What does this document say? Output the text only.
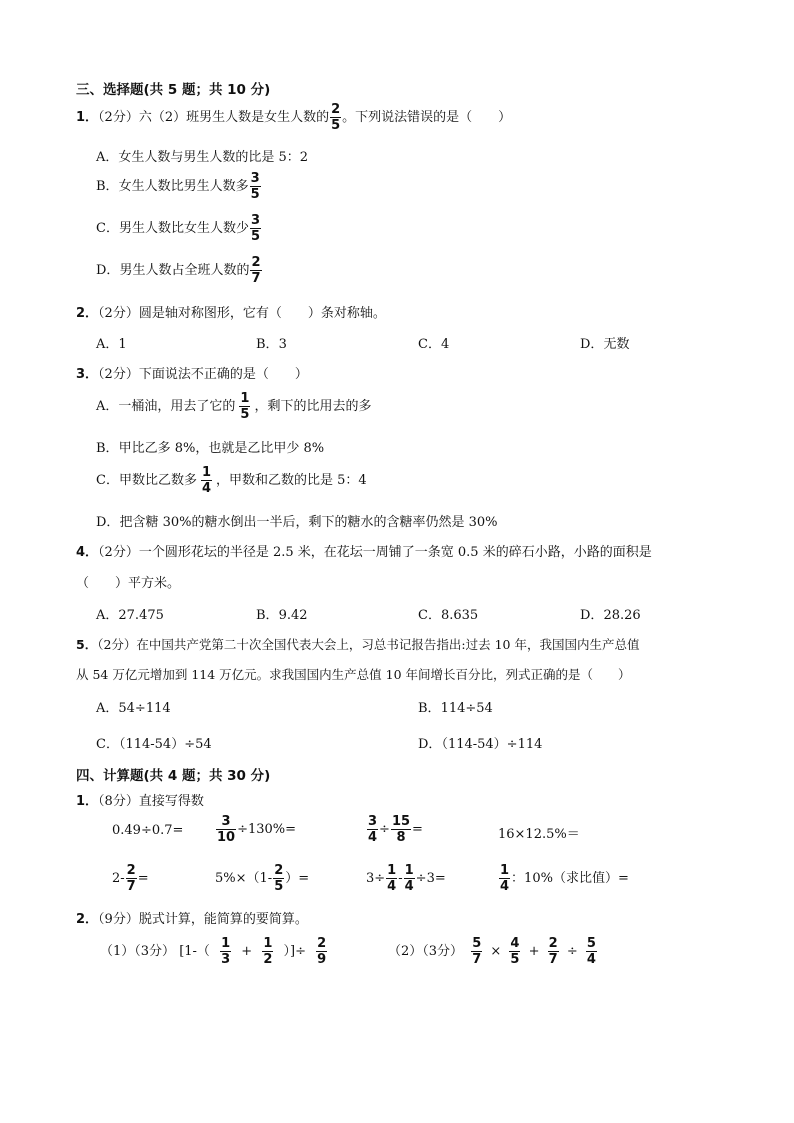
三、选择题(共 5 题；共 10 分)
1．（2分）六（2）班男生人数是女生人数的 $\frac{2}{5}$ 。下列说法错误的是（　　）
A．女生人数与男生人数的比是 5：2
B．女生人数比男生人数多 $\frac{3}{5}$
C．男生人数比女生人数少 $\frac{3}{5}$
D．男生人数占全班人数的 $\frac{2}{7}$
2．（2分）圆是轴对称图形，它有（　　）条对称轴。
A．1	B．3	C．4	D．无数
3．（2分）下面说法不正确的是（　　）
A．一桶油，用去了它的 $\frac{1}{5}$ ，剩下的比用去的多
B．甲比乙多 8%，也就是乙比甲少 8%
C．甲数比乙数多 $\frac{1}{4}$ ，甲数和乙数的比是 5：4
D．把含糖 30%的糖水倒出一半后，剩下的糖水的含糖率仍然是 30%
4．（2分）一个圆形花坛的半径是 2.5 米，在花坛一周铺了一条宽 0.5 米的碎石小路，小路的面积是
（　　）平方米。
A．27.475	B．9.42	C．8.635	D．28.26
5．（2分）在中国共产党第二十次全国代表大会上，习总书记报告指出:过去 10 年，我国国内生产总值
从 54 万亿元增加到 114 万亿元。求我国国内生产总值 10 年间增长百分比，列式正确的是（　　）
A．54÷114	B．114÷54
C．（114-54）÷54	D．（114-54）÷114
四、计算题(共 4 题；共 30 分)
1．（8分）直接写得数
0.49÷0.7=	$\frac{3}{10} \div 130\%=$	$\frac{3}{4} \div \frac{15}{8}$ =	16×12.5%＝
$2- \frac{2}{7}$ =	$5\%\times(1- \frac{2}{5}$ ）=	$3\div \frac{1}{4} - \frac{1}{4} \div 3=$	$\frac{1}{4}$ ：10%（求比值）=
2．（9分）脱式计算，能简算的要简算。
（1）（3分） [$1-( \frac{1}{3} + \frac{1}{2}$ ）]÷ $\frac{2}{9}$	（2）（3分） $\frac{5}{7} \times \frac{4}{5} + \frac{2}{7} \div \frac{5}{4}$
